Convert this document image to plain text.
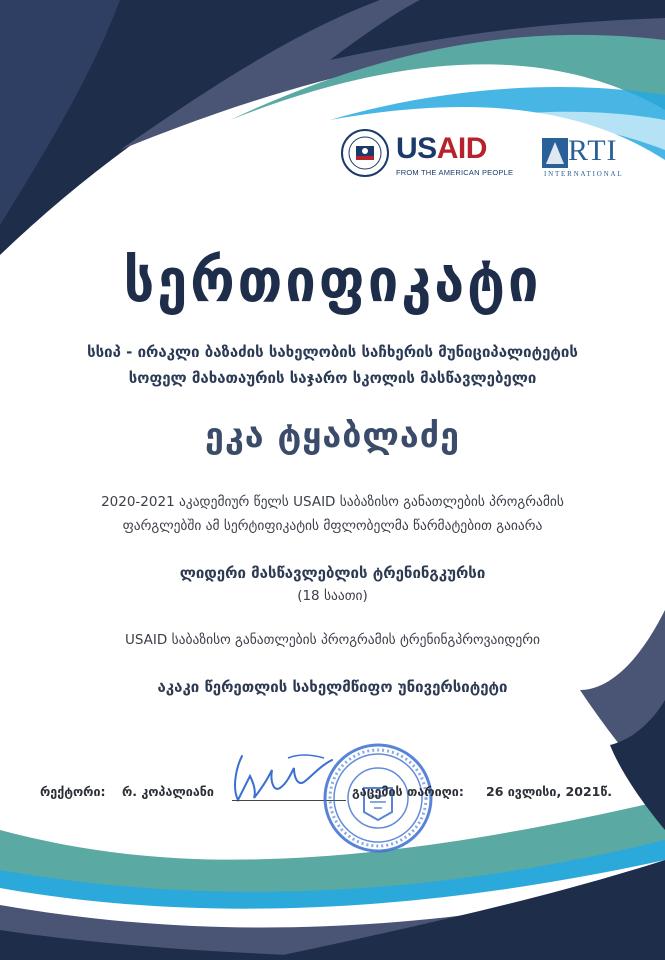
USAID
FROM THE AMERICAN PEOPLE
RTI
INTERNATIONAL
სერთიფიკატი
სსიპ - ირაკლი ბაზაძის სახელობის საჩხერის მუნიციპალიტეტის
სოფელ მახათაურის საჯარო სკოლის მასწავლებელი
ეკა ტყაბლაძე
2020-2021 აკადემიურ წელს USAID საბაზისო განათლების პროგრამის
ფარგლებში ამ სერტიფიკატის მფლობელმა წარმატებით გაიარა
ლიდერი მასწავლებლის ტრენინგკურსი
(18 საათი)
USAID საბაზისო განათლების პროგრამის ტრენინგპროვაიდერი
აკაკი წერეთლის სახელმწიფო უნივერსიტეტი
რექტორი: რ. კოპალიანი	გაცემის თარიღი: 26 ივლისი, 2021წ.
